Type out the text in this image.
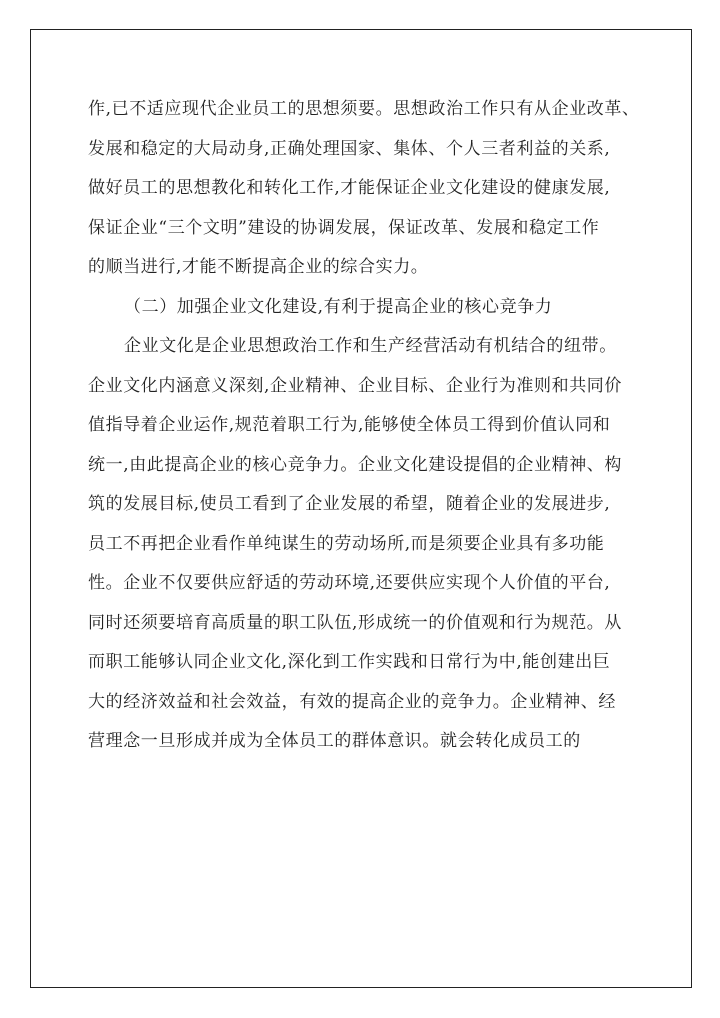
作,已不适应现代企业员工的思想须要。思想政治工作只有从企业改革、
发展和稳定的大局动身,正确处理国家、集体、个人三者利益的关系,
做好员工的思想教化和转化工作,才能保证企业文化建设的健康发展,
保证企业“三个文明”建设的协调发展，保证改革、发展和稳定工作
的顺当进行,才能不断提高企业的综合实力。
（二）加强企业文化建设,有利于提高企业的核心竞争力
企业文化是企业思想政治工作和生产经营活动有机结合的纽带。
企业文化内涵意义深刻,企业精神、企业目标、企业行为准则和共同价
值指导着企业运作,规范着职工行为,能够使全体员工得到价值认同和
统一,由此提高企业的核心竞争力。企业文化建设提倡的企业精神、构
筑的发展目标,使员工看到了企业发展的希望，随着企业的发展进步,
员工不再把企业看作单纯谋生的劳动场所,而是须要企业具有多功能
性。企业不仅要供应舒适的劳动环境,还要供应实现个人价值的平台,
同时还须要培育高质量的职工队伍,形成统一的价值观和行为规范。从
而职工能够认同企业文化,深化到工作实践和日常行为中,能创建出巨
大的经济效益和社会效益，有效的提高企业的竞争力。企业精神、经
营理念一旦形成并成为全体员工的群体意识。就会转化成员工的
